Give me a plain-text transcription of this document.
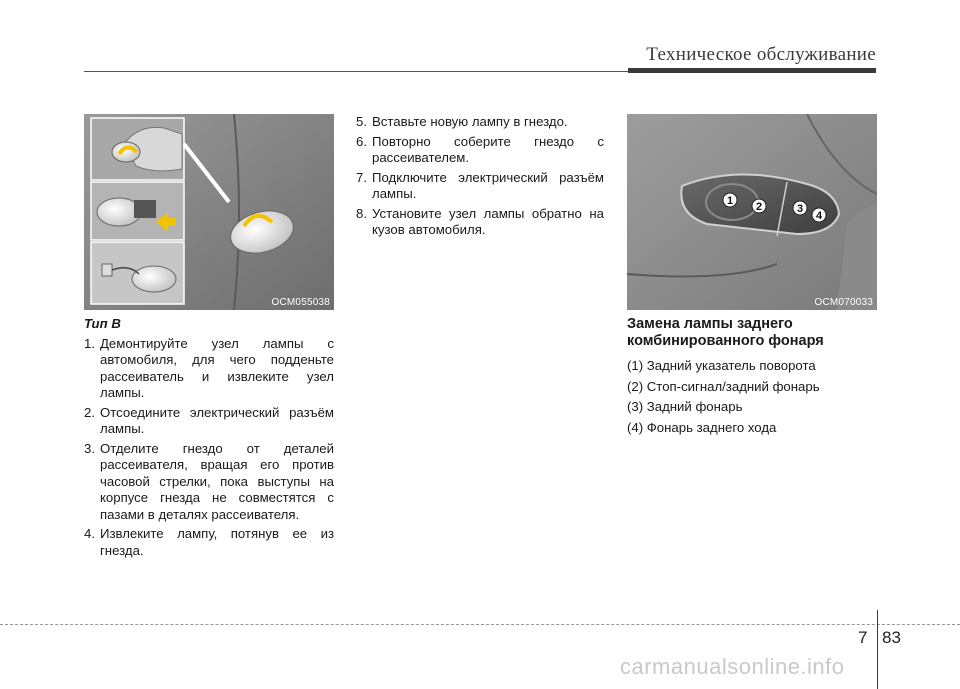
Техническое обслуживание
OCM055038
1 2	3
4
OCM070033
Тип B
1. Демонтируйте узел лампы с автомобиля, для чего подденьте рассеиватель и извлеките узел лампы.
2. Отсоедините электрический разъём лампы.
3. Отделите гнездо от деталей рассеивателя, вращая его против часовой стрелки, пока выступы на корпусе гнезда не совместятся с пазами в деталях рассеивателя.
4. Извлеките лампу, потянув ее из гнезда.
5. Вставьте новую лампу в гнездо.
6. Повторно соберите гнездо с рассеивателем.
7. Подключите электрический разъём лампы.
8. Установите узел лампы обратно на кузов автомобиля.
Замена лампы заднего комбинированного фонаря
(1) Задний указатель поворота
(2) Стоп-сигнал/задний фонарь
(3) Задний фонарь
(4) Фонарь заднего хода
7 83
carmanualsonline.info
